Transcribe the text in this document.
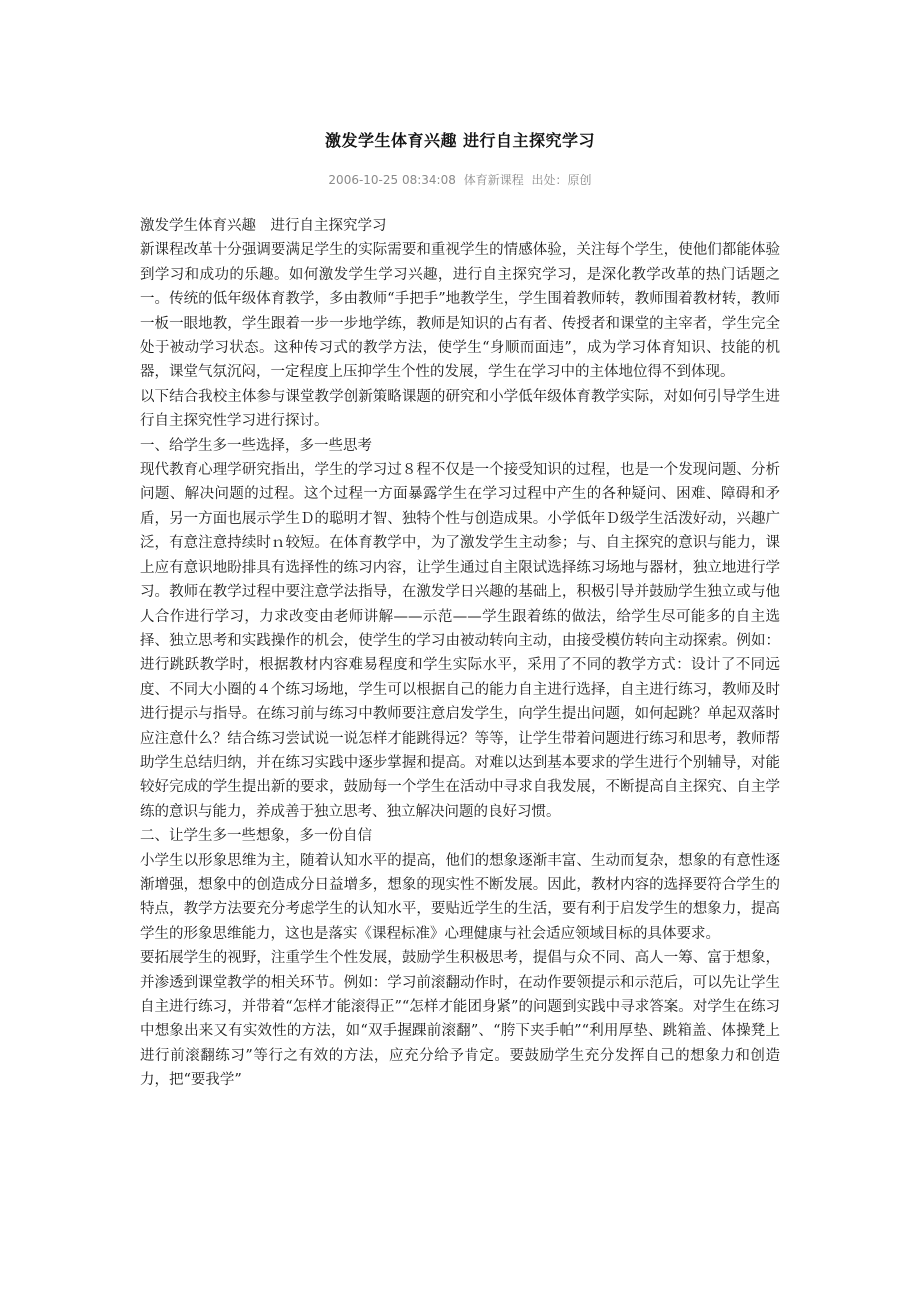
激发学生体育兴趣 进行自主探究学习
2006-10-25 08:34:08 体育新课程 出处：原创

激发学生体育兴趣　进行自主探究学习

新课程改革十分强调要满足学生的实际需要和重视学生的情感体验，关注每个学生，使他们都能体验到学习和成功的乐趣。如何激发学生学习兴趣，进行自主探究学习，是深化教学改革的热门话题之一。传统的低年级体育教学，多由教师“手把手”地教学生，学生围着教师转，教师围着教材转，教师一板一眼地教，学生跟着一步一步地学练，教师是知识的占有者、传授者和课堂的主宰者，学生完全处于被动学习状态。这种传习式的教学方法，使学生“身顺而面违”，成为学习体育知识、技能的机器，课堂气氛沉闷，一定程度上压抑学生个性的发展，学生在学习中的主体地位得不到体现。

以下结合我校主体参与课堂教学创新策略课题的研究和小学低年级体育教学实际，对如何引导学生进行自主探究性学习进行探讨。

一、给学生多一些选择，多一些思考

现代教育心理学研究指出，学生的学习过８程不仅是一个接受知识的过程，也是一个发现问题、分析问题、解决问题的过程。这个过程一方面暴露学生在学习过程中产生的各种疑问、困难、障碍和矛盾，另一方面也展示学生Ｄ的聪明才智、独特个性与创造成果。小学低年Ｄ级学生活泼好动，兴趣广泛，有意注意持续时ｎ较短。在体育教学中，为了激发学生主动参；与、自主探究的意识与能力，课上应有意识地盼排具有选择性的练习内容，让学生通过自主限试选择练习场地与器材，独立地进行学习。教师在教学过程中要注意学法指导，在激发学日兴趣的基础上，积极引导并鼓励学生独立或与他人合作进行学习，力求改变由老师讲解——示范——学生跟着练的做法，给学生尽可能多的自主选择、独立思考和实践操作的机会，使学生的学习由被动转向主动，由接受模仿转向主动探索。例如：进行跳跃教学时，根据教材内容难易程度和学生实际水平，采用了不同的教学方式：设计了不同远度、不同大小圈的４个练习场地，学生可以根据自己的能力自主进行选择，自主进行练习，教师及时进行提示与指导。在练习前与练习中教师要注意启发学生，向学生提出问题，如何起跳？单起双落时应注意什么？结合练习尝试说一说怎样才能跳得远？等等，让学生带着问题进行练习和思考，教师帮助学生总结归纳，并在练习实践中逐步掌握和提高。对难以达到基本要求的学生进行个别辅导，对能较好完成的学生提出新的要求，鼓励每一个学生在活动中寻求自我发展，不断提高自主探究、自主学练的意识与能力，养成善于独立思考、独立解决问题的良好习惯。

二、让学生多一些想象，多一份自信

小学生以形象思维为主，随着认知水平的提高，他们的想象逐渐丰富、生动而复杂，想象的有意性逐渐增强，想象中的创造成分日益增多，想象的现实性不断发展。因此，教材内容的选择要符合学生的特点，教学方法要充分考虑学生的认知水平，要贴近学生的生活，要有利于启发学生的想象力，提高学生的形象思维能力，这也是落实《课程标准》心理健康与社会适应领域目标的具体要求。

要拓展学生的视野，注重学生个性发展，鼓励学生积极思考，提倡与众不同、高人一筹、富于想象，并渗透到课堂教学的相关环节。例如：学习前滚翻动作时，在动作要领提示和示范后，可以先让学生自主进行练习，并带着“怎样才能滚得正”“怎样才能团身紧”的问题到实践中寻求答案。对学生在练习中想象出来又有实效性的方法，如“双手握踝前滚翻”、“胯下夹手帕”“利用厚垫、跳箱盖、体操凳上进行前滚翻练习”等行之有效的方法，应充分给予肯定。要鼓励学生充分发挥自己的想象力和创造力，把“要我学”
